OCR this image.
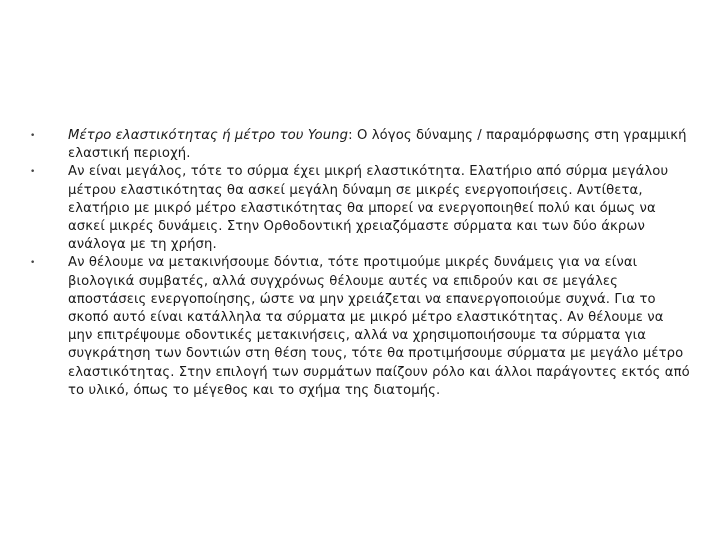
• Μέτρο ελαστικότητας ή μέτρο του Young: Ο λόγος δύναμης / παραμόρφωσης στη γραμμική ελαστική περιοχή.
• Αν είναι μεγάλος, τότε το σύρμα έχει μικρή ελαστικότητα. Ελατήριο από σύρμα μεγάλου μέτρου ελαστικότητας θα ασκεί μεγάλη δύναμη σε μικρές ενεργοποιήσεις. Αντίθετα, ελατήριο με μικρό μέτρο ελαστικότητας θα μπορεί να ενεργοποιηθεί πολύ και όμως να ασκεί μικρές δυνάμεις. Στην Ορθοδοντική χρειαζόμαστε σύρματα και των δύο άκρων ανάλογα με τη χρήση.
• Αν θέλουμε να μετακινήσουμε δόντια, τότε προτιμούμε μικρές δυνάμεις για να είναι βιολογικά συμβατές, αλλά συγχρόνως θέλουμε αυτές να επιδρούν και σε μεγάλες αποστάσεις ενεργοποίησης, ώστε να μην χρειάζεται να επανεργοποιούμε συχνά. Για το σκοπό αυτό είναι κατάλληλα τα σύρματα με μικρό μέτρο ελαστικότητας. Αν θέλουμε να μην επιτρέψουμε οδοντικές μετακινήσεις, αλλά να χρησιμοποιήσουμε τα σύρματα για συγκράτηση των δοντιών στη θέση τους, τότε θα προτιμήσουμε σύρματα με μεγάλο μέτρο ελαστικότητας. Στην επιλογή των συρμάτων παίζουν ρόλο και άλλοι παράγοντες εκτός από το υλικό, όπως το μέγεθος και το σχήμα της διατομής.
